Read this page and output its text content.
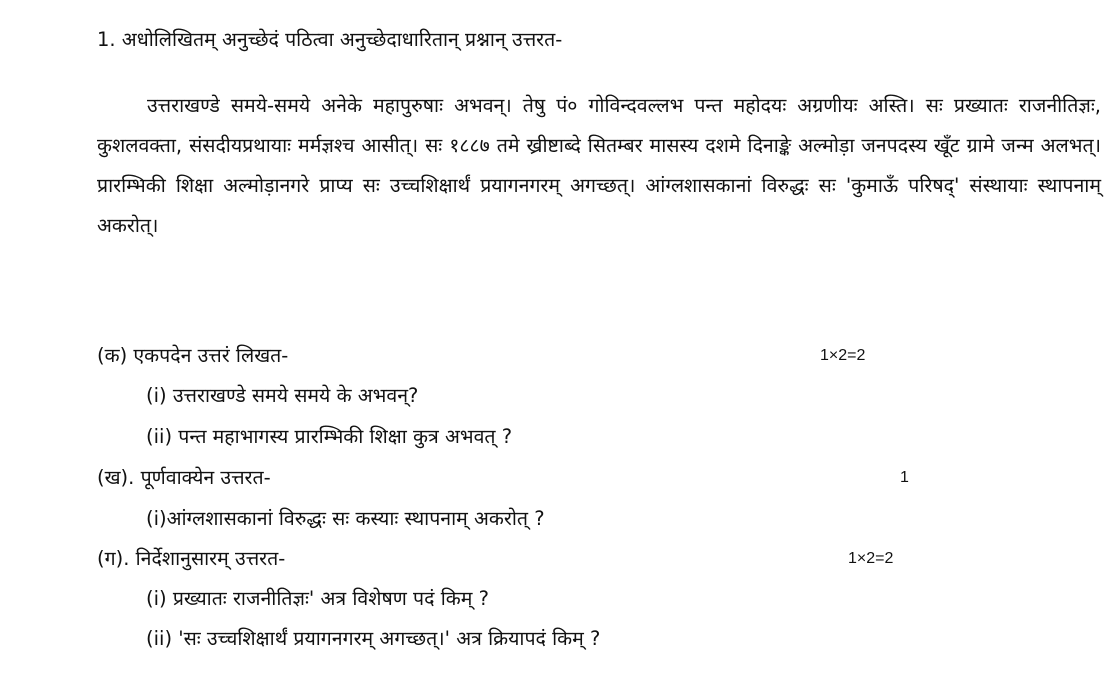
1. अधोलिखितम् अनुच्छेदं पठित्वा अनुच्छेदाधारितान् प्रश्नान् उत्तरत-
उत्तराखण्डे समये-समये अनेके महापुरुषाः अभवन्। तेषु पं० गोविन्दवल्लभ पन्त महोदयः अग्रणीयः अस्ति। सः प्रख्यातः राजनीतिज्ञः, कुशलवक्ता, संसदीयप्रथायाः मर्मज्ञश्च आसीत्। सः १८८७ तमे ख्रीष्टाब्दे सितम्बर मासस्य दशमे दिनाङ्के अल्मोड़ा जनपदस्य खूँट ग्रामे जन्म अलभत्। प्रारम्भिकी शिक्षा अल्मोड़ानगरे प्राप्य सः उच्चशिक्षार्थं प्रयागनगरम् अगच्छत्। आंग्लशासकानां विरुद्धः सः 'कुमाऊँ परिषद्' संस्थायाः स्थापनाम् अकरोत्।
(क) एकपदेन उत्तरं लिखत-	1×2=2
(i) उत्तराखण्डे समये समये के अभवन्?
(ii) पन्त महाभागस्य प्रारम्भिकी शिक्षा कुत्र अभवत् ?
(ख). पूर्णवाक्येन उत्तरत-	1
(i)आंग्लशासकानां विरुद्धः सः कस्याः स्थापनाम् अकरोत् ?
(ग). निर्देशानुसारम् उत्तरत-	1×2=2
(i) प्रख्यातः राजनीतिज्ञः' अत्र विशेषण पदं किम् ?
(ii) 'सः उच्चशिक्षार्थं प्रयागनगरम् अगच्छत्।' अत्र क्रियापदं किम् ?
